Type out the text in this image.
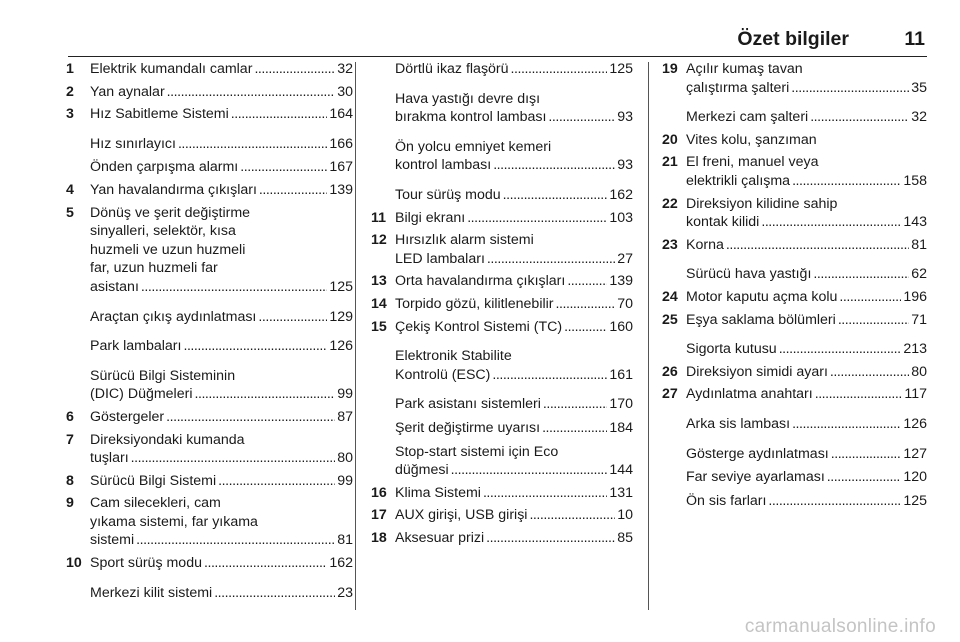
Özet bilgiler	11
1 Elektrik kumandalı camlar . . .	32
2 Yan aynalar . . .	30
3 Hız Sabitleme Sistemi . . .	164
Hız sınırlayıcı . . .	166
Önden çarpışma alarmı . . .	167
4 Yan havalandırma çıkışları . . .	139
5 Dönüş ve şerit değiştirme
sinyalleri, selektör, kısa
huzmeli ve uzun huzmeli
far, uzun huzmeli far
asistanı . . .	125
Araçtan çıkış aydınlatması . . .	129
Park lambaları . . .	126
Sürücü Bilgi Sisteminin
(DIC) Düğmeleri . . .	99
6 Göstergeler . . .	87
7 Direksiyondaki kumanda
tuşları . . .	80
8 Sürücü Bilgi Sistemi . . .	99
9 Cam silecekleri, cam
yıkama sistemi, far yıkama
sistemi . . .	81
10 Sport sürüş modu . . .	162
Merkezi kilit sistemi . . .	23
Dörtlü ikaz flaşörü . . .	125
Hava yastığı devre dışı
bırakma kontrol lambası . . .	93
Ön yolcu emniyet kemeri
kontrol lambası . . .	93
Tour sürüş modu . . .	162
11 Bilgi ekranı . . .	103
12 Hırsızlık alarm sistemi
LED lambaları . . .	27
13 Orta havalandırma çıkışları . . .	139
14 Torpido gözü, kilitlenebilir . . .	70
15 Çekiş Kontrol Sistemi (TC) . . .	160
Elektronik Stabilite
Kontrolü (ESC) . . .	161
Park asistanı sistemleri . . .	170
Şerit değiştirme uyarısı . . .	184
Stop-start sistemi için Eco
düğmesi . . .	144
16 Klima Sistemi . . .	131
17 AUX girişi, USB girişi . . .	10
18 Aksesuar prizi . . .	85
19 Açılır kumaş tavan
çalıştırma şalteri . . .	35
Merkezi cam şalteri . . .	32
20 Vites kolu, şanzıman
21 El freni, manuel veya
elektrikli çalışma . . .	158
22 Direksiyon kilidine sahip
kontak kilidi . . .	143
23 Korna . . .	81
Sürücü hava yastığı . . .	62
24 Motor kaputu açma kolu . . .	196
25 Eşya saklama bölümleri . . .	71
Sigorta kutusu . . .	213
26 Direksiyon simidi ayarı . . .	80
27 Aydınlatma anahtarı . . .	117
Arka sis lambası . . .	126
Gösterge aydınlatması . . .	127
Far seviye ayarlaması . . .	120
Ön sis farları . . .	125
carmanualsonline.info
